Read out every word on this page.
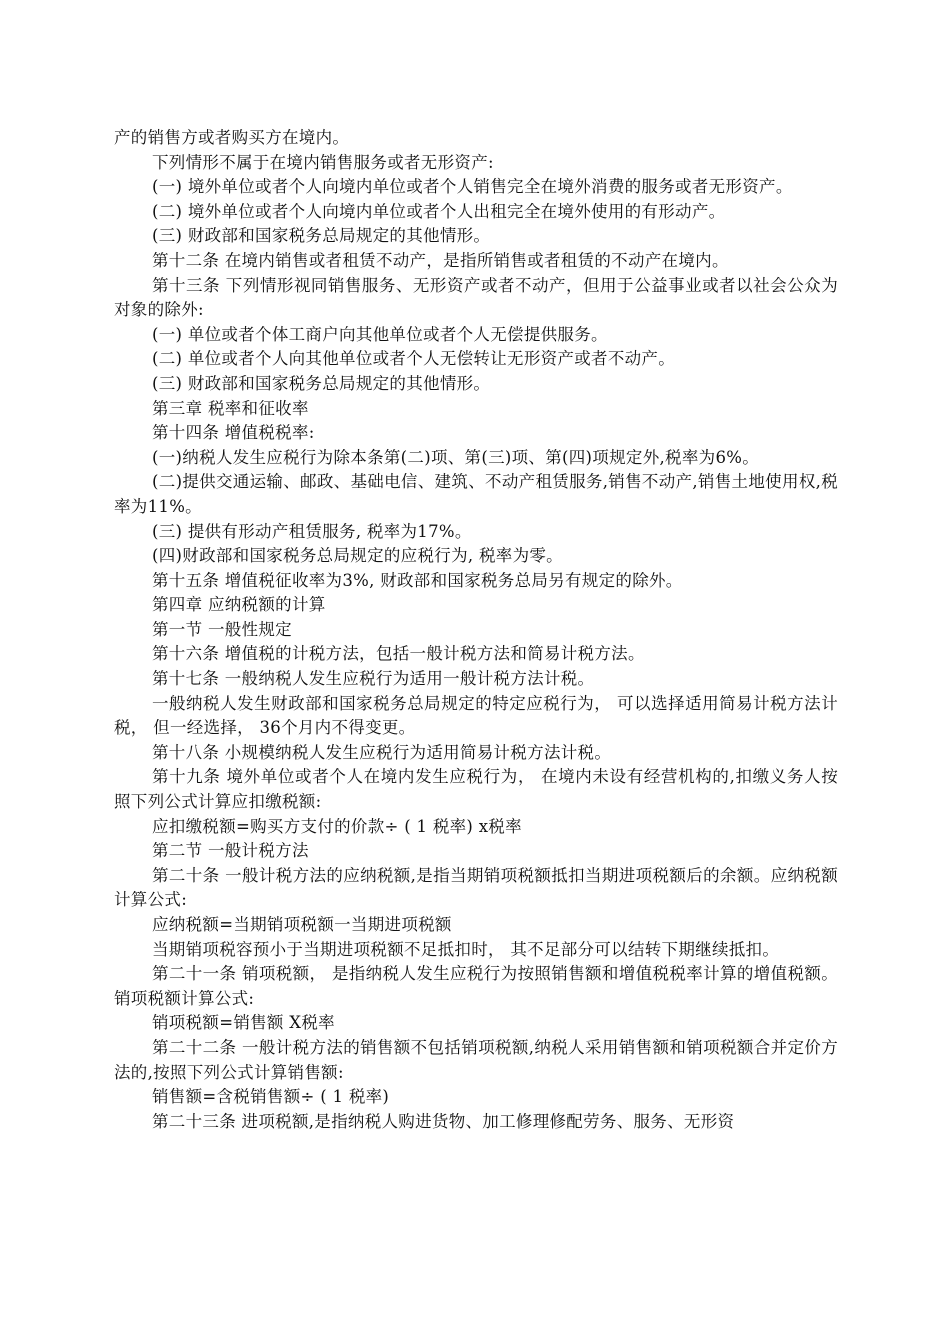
产的销售方或者购买方在境内。

下列情形不属于在境内销售服务或者无形资产:

(一) 境外单位或者个人向境内单位或者个人销售完全在境外消费的服务或者无形资产。

(二) 境外单位或者个人向境内单位或者个人出租完全在境外使用的有形动产。

(三) 财政部和国家税务总局规定的其他情形。

第十二条 在境内销售或者租赁不动产，是指所销售或者租赁的不动产在境内。

第十三条 下列情形视同销售服务、无形资产或者不动产，但用于公益事业或者以社会公众为对象的除外:

(一) 单位或者个体工商户向其他单位或者个人无偿提供服务。

(二) 单位或者个人向其他单位或者个人无偿转让无形资产或者不动产。

(三) 财政部和国家税务总局规定的其他情形。

第三章 税率和征收率

第十四条 增值税税率:

(一)纳税人发生应税行为除本条第(二)项、第(三)项、第(四)项规定外,税率为6%。

(二)提供交通运输、邮政、基础电信、建筑、不动产租赁服务,销售不动产,销售土地使用权,税率为11%。

(三) 提供有形动产租赁服务, 税率为17%。

(四)财政部和国家税务总局规定的应税行为, 税率为零。

第十五条 增值税征收率为3%, 财政部和国家税务总局另有规定的除外。

第四章 应纳税额的计算

第一节 一般性规定

第十六条 增值税的计税方法，包括一般计税方法和简易计税方法。

第十七条 一般纳税人发生应税行为适用一般计税方法计税。

一般纳税人发生财政部和国家税务总局规定的特定应税行为， 可以选择适用简易计税方法计税， 但一经选择， 36个月内不得变更。

第十八条 小规模纳税人发生应税行为适用简易计税方法计税。

第十九条 境外单位或者个人在境内发生应税行为， 在境内未设有经营机构的,扣缴义务人按照下列公式计算应扣缴税额:

应扣缴税额=购买方支付的价款÷ ( 1 税率) x税率

第二节 一般计税方法

第二十条 一般计税方法的应纳税额,是指当期销项税额抵扣当期进项税额后的余额。应纳税额计算公式:

应纳税额=当期销项税额一当期进项税额

当期销项税容预小于当期进项税额不足抵扣时， 其不足部分可以结转下期继续抵扣。

第二十一条 销项税额， 是指纳税人发生应税行为按照销售额和增值税税率计算的增值税额。销项税额计算公式:

销项税额=销售额 X税率

第二十二条 一般计税方法的销售额不包括销项税额,纳税人采用销售额和销项税额合并定价方法的,按照下列公式计算销售额:

销售额=含税销售额÷ ( 1 税率)

第二十三条 进项税额,是指纳税人购进货物、加工修理修配劳务、服务、无形资
